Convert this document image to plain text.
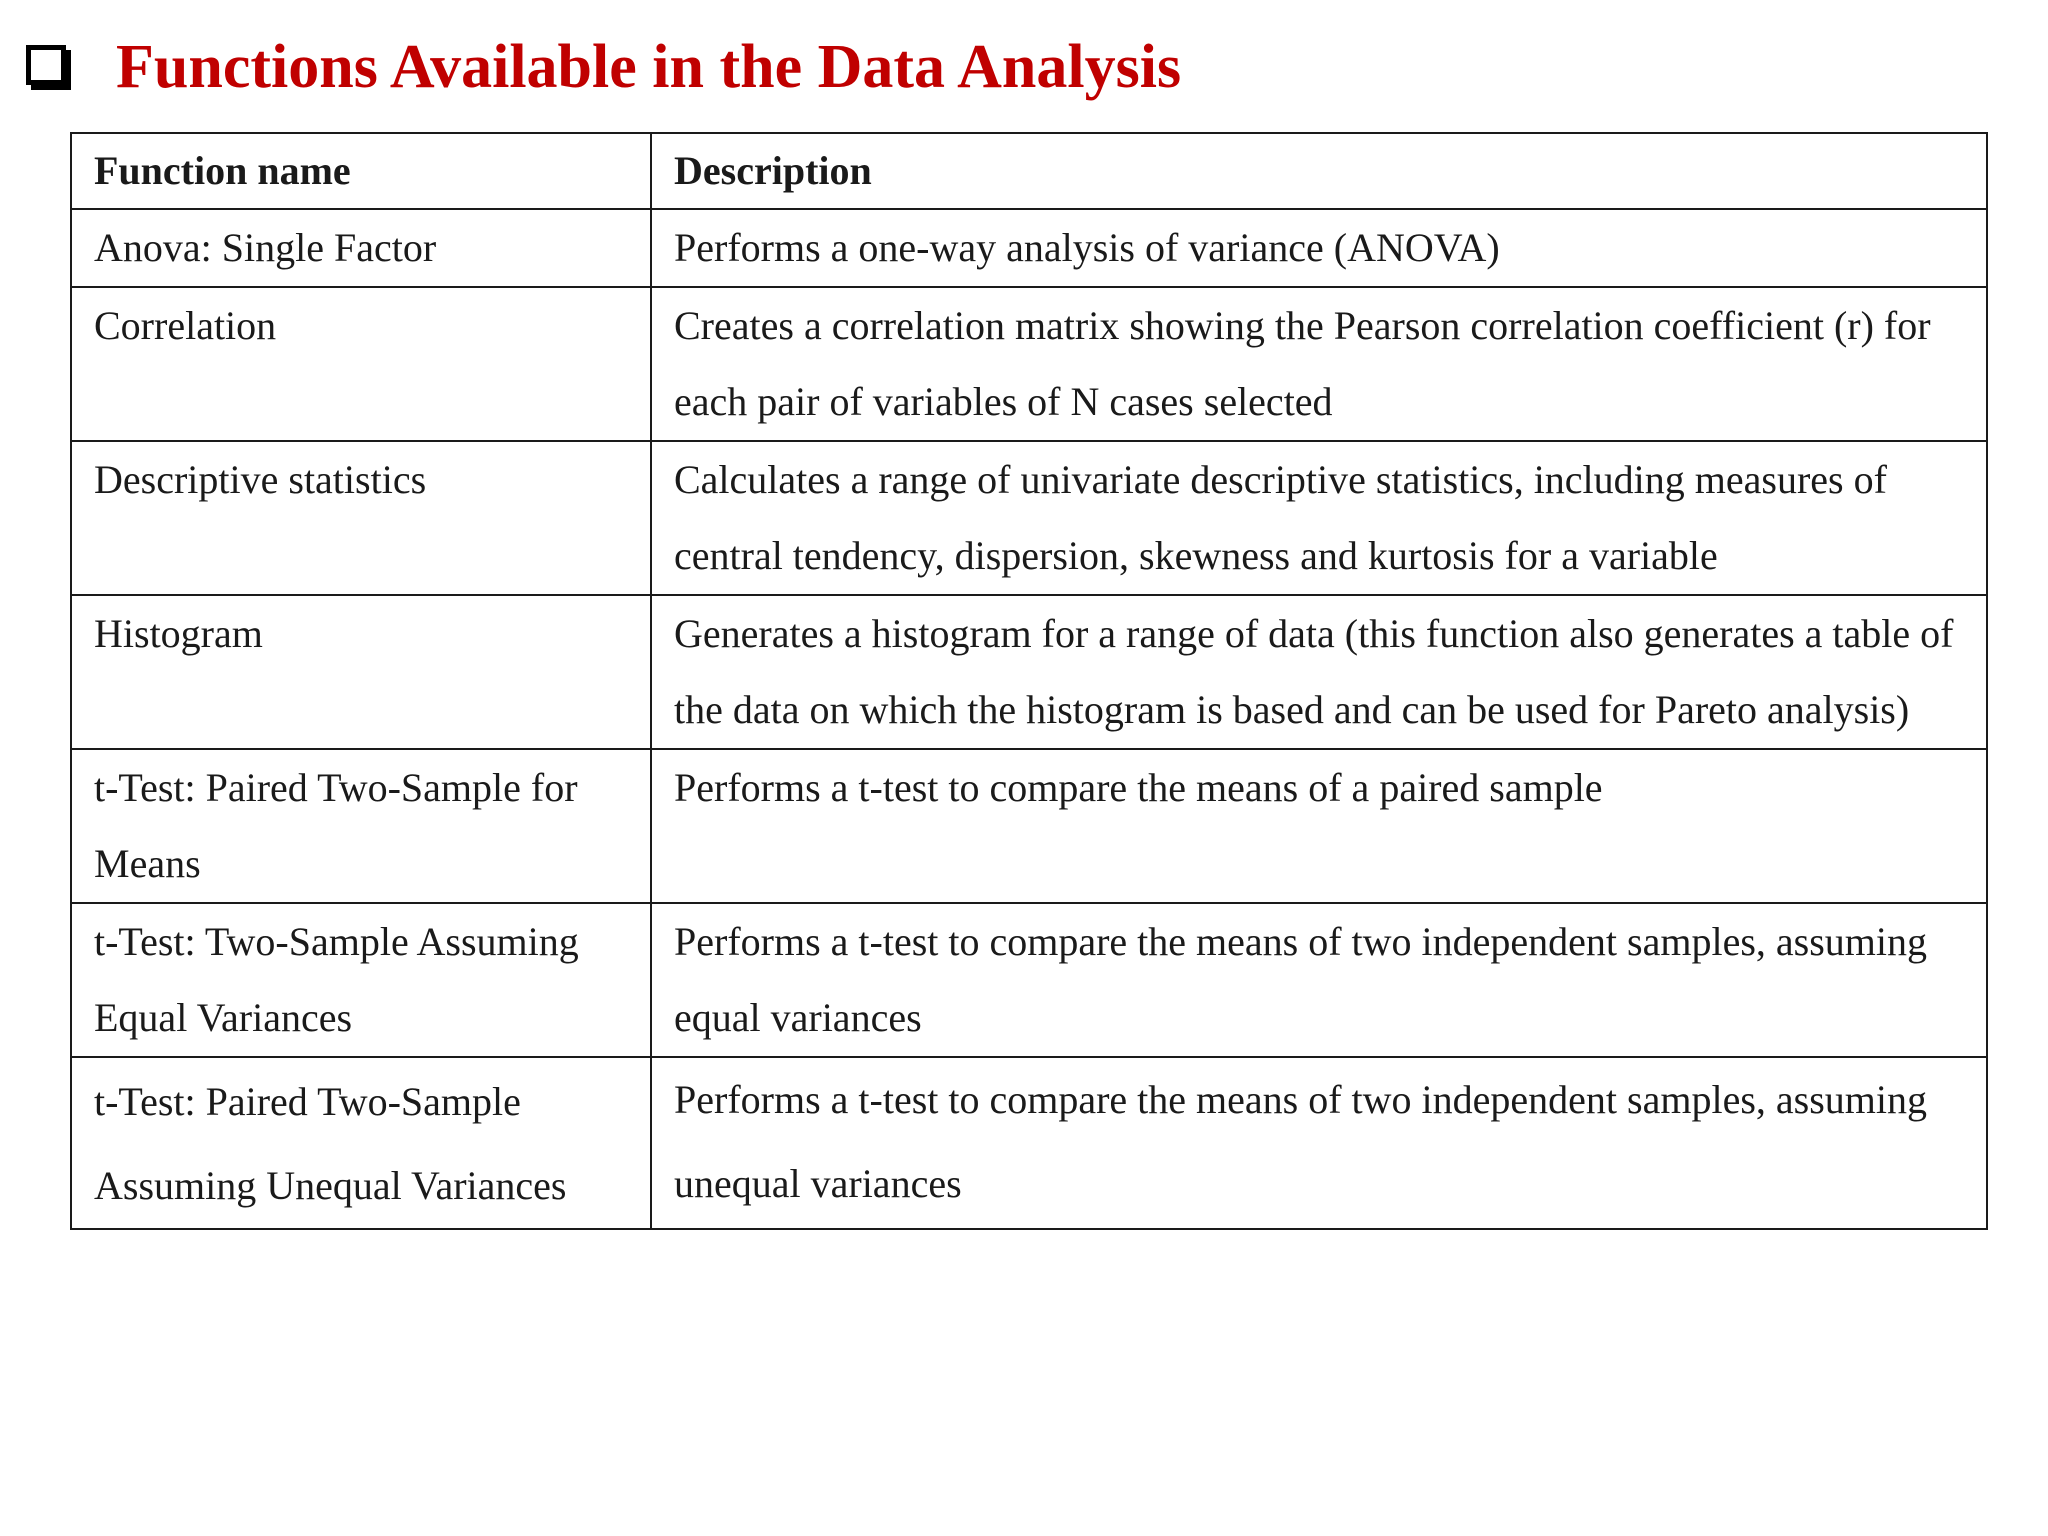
Functions Available in the Data Analysis
Function name	Description
Anova: Single Factor	Performs a one-way analysis of variance (ANOVA)
Correlation	Creates a correlation matrix showing the Pearson correlation coefficient (r) for each pair of variables of N cases selected
Descriptive statistics	Calculates a range of univariate descriptive statistics, including measures of central tendency, dispersion, skewness and kurtosis for a variable
Histogram	Generates a histogram for a range of data (this function also generates a table of the data on which the histogram is based and can be used for Pareto analysis)
t-Test: Paired Two-Sample for Means	Performs a t-test to compare the means of a paired sample
t-Test: Two-Sample Assuming Equal Variances	Performs a t-test to compare the means of two independent samples, assuming equal variances
t-Test: Paired Two-Sample Assuming Unequal Variances	Performs a t-test to compare the means of two independent samples, assuming unequal variances
